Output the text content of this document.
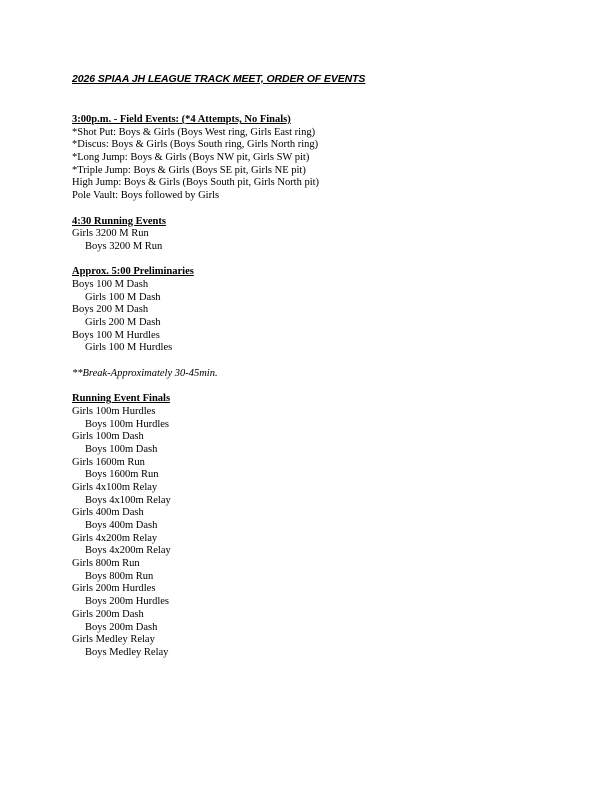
2026 SPIAA JH LEAGUE TRACK MEET, ORDER OF EVENTS
3:00p.m. - Field Events: (*4 Attempts, No Finals)
*Shot Put: Boys & Girls (Boys West ring, Girls East ring)
*Discus: Boys & Girls (Boys South ring, Girls North ring)
*Long Jump: Boys & Girls (Boys NW pit, Girls SW pit)
*Triple Jump: Boys & Girls (Boys SE pit, Girls NE pit)
High Jump: Boys & Girls (Boys South pit, Girls North pit)
Pole Vault: Boys followed by Girls
4:30 Running Events
Girls 3200 M Run
Boys 3200 M Run
Approx. 5:00 Preliminaries
Boys 100 M Dash
Girls 100 M Dash
Boys 200 M Dash
Girls 200 M Dash
Boys 100 M Hurdles
Girls 100 M Hurdles
**Break-Approximately 30-45min.
Running Event Finals
Girls 100m Hurdles
Boys 100m Hurdles
Girls 100m Dash
Boys 100m Dash
Girls 1600m Run
Boys 1600m Run
Girls 4x100m Relay
Boys 4x100m Relay
Girls 400m Dash
Boys 400m Dash
Girls 4x200m Relay
Boys 4x200m Relay
Girls 800m Run
Boys 800m Run
Girls 200m Hurdles
Boys 200m Hurdles
Girls 200m Dash
Boys 200m Dash
Girls Medley Relay
Boys Medley Relay
